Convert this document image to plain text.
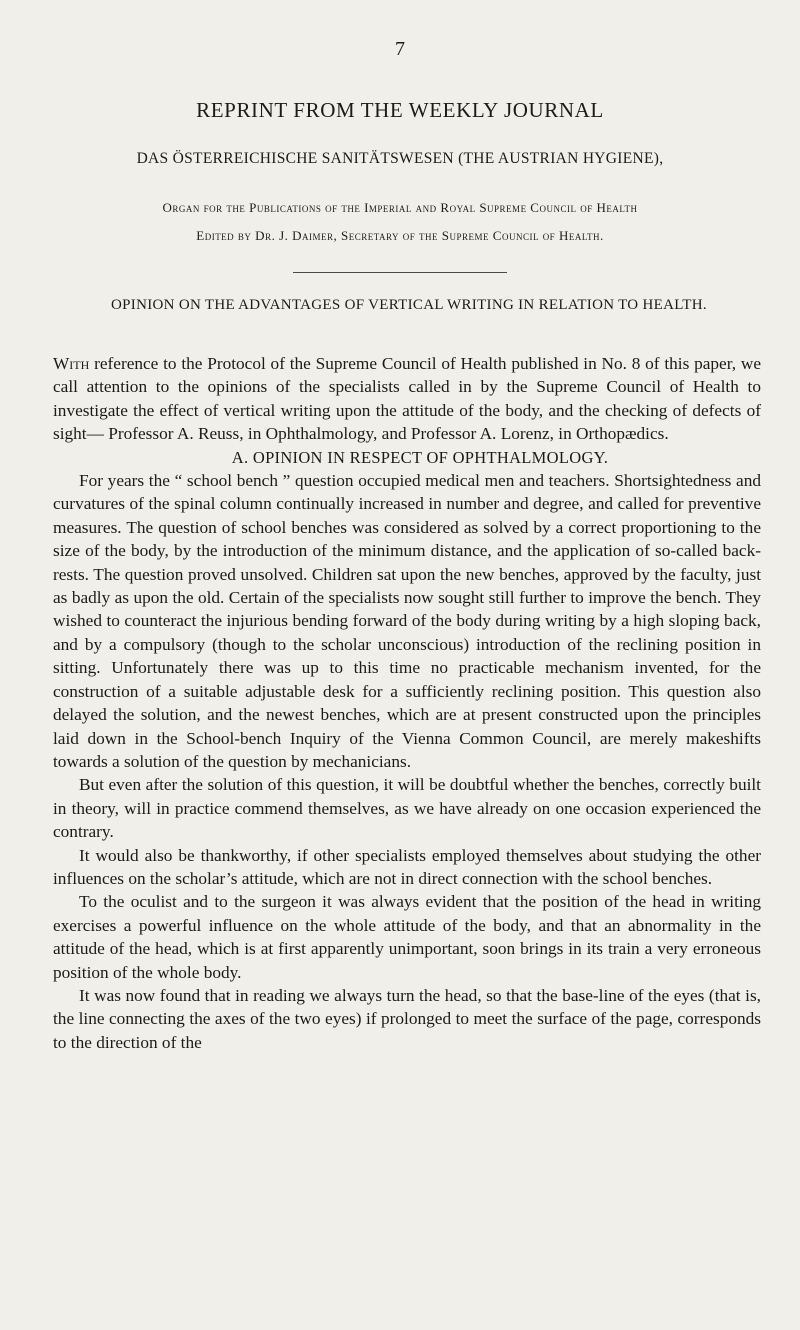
7
REPRINT FROM THE WEEKLY JOURNAL
DAS ÖSTERREICHISCHE SANITÄTSWESEN (THE AUSTRIAN HYGIENE),
Organ for the Publications of the Imperial and Royal Supreme Council of Health
Edited by Dr. J. Daimer, Secretary of the Supreme Council of Health.
OPINION ON THE ADVANTAGES OF VERTICAL WRITING IN RELATION TO HEALTH.

With reference to the Protocol of the Supreme Council of Health published in No. 8 of this paper, we call attention to the opinions of the specialists called in by the Supreme Council of Health to investigate the effect of vertical writing upon the attitude of the body, and the checking of defects of sight— Professor A. Reuss, in Ophthalmology, and Professor A. Lorenz, in Orthopædics.

A. OPINION IN RESPECT OF OPHTHALMOLOGY.

For years the “ school bench ” question occupied medical men and teachers. Shortsightedness and curvatures of the spinal column continually increased in number and degree, and called for preventive measures. The question of school benches was considered as solved by a correct proportioning to the size of the body, by the introduction of the minimum distance, and the application of so-called back-rests. The question proved unsolved. Children sat upon the new benches, approved by the faculty, just as badly as upon the old. Certain of the specialists now sought still further to improve the bench. They wished to counteract the injurious bending forward of the body during writing by a high sloping back, and by a compulsory (though to the scholar unconscious) introduction of the reclining position in sitting. Unfortunately there was up to this time no practicable mechanism invented, for the construction of a suitable adjustable desk for a sufficiently reclining position. This question also delayed the solution, and the newest benches, which are at present constructed upon the principles laid down in the School-bench Inquiry of the Vienna Common Council, are merely makeshifts towards a solution of the question by mechanicians.

But even after the solution of this question, it will be doubtful whether the benches, correctly built in theory, will in practice commend themselves, as we have already on one occasion experienced the contrary.

It would also be thankworthy, if other specialists employed themselves about studying the other influences on the scholar’s attitude, which are not in direct connection with the school benches.

To the oculist and to the surgeon it was always evident that the position of the head in writing exercises a powerful influence on the whole attitude of the body, and that an abnormality in the attitude of the head, which is at first apparently unimportant, soon brings in its train a very erroneous position of the whole body.

It was now found that in reading we always turn the head, so that the base-line of the eyes (that is, the line connecting the axes of the two eyes) if prolonged to meet the surface of the page, corresponds to the direction of the
